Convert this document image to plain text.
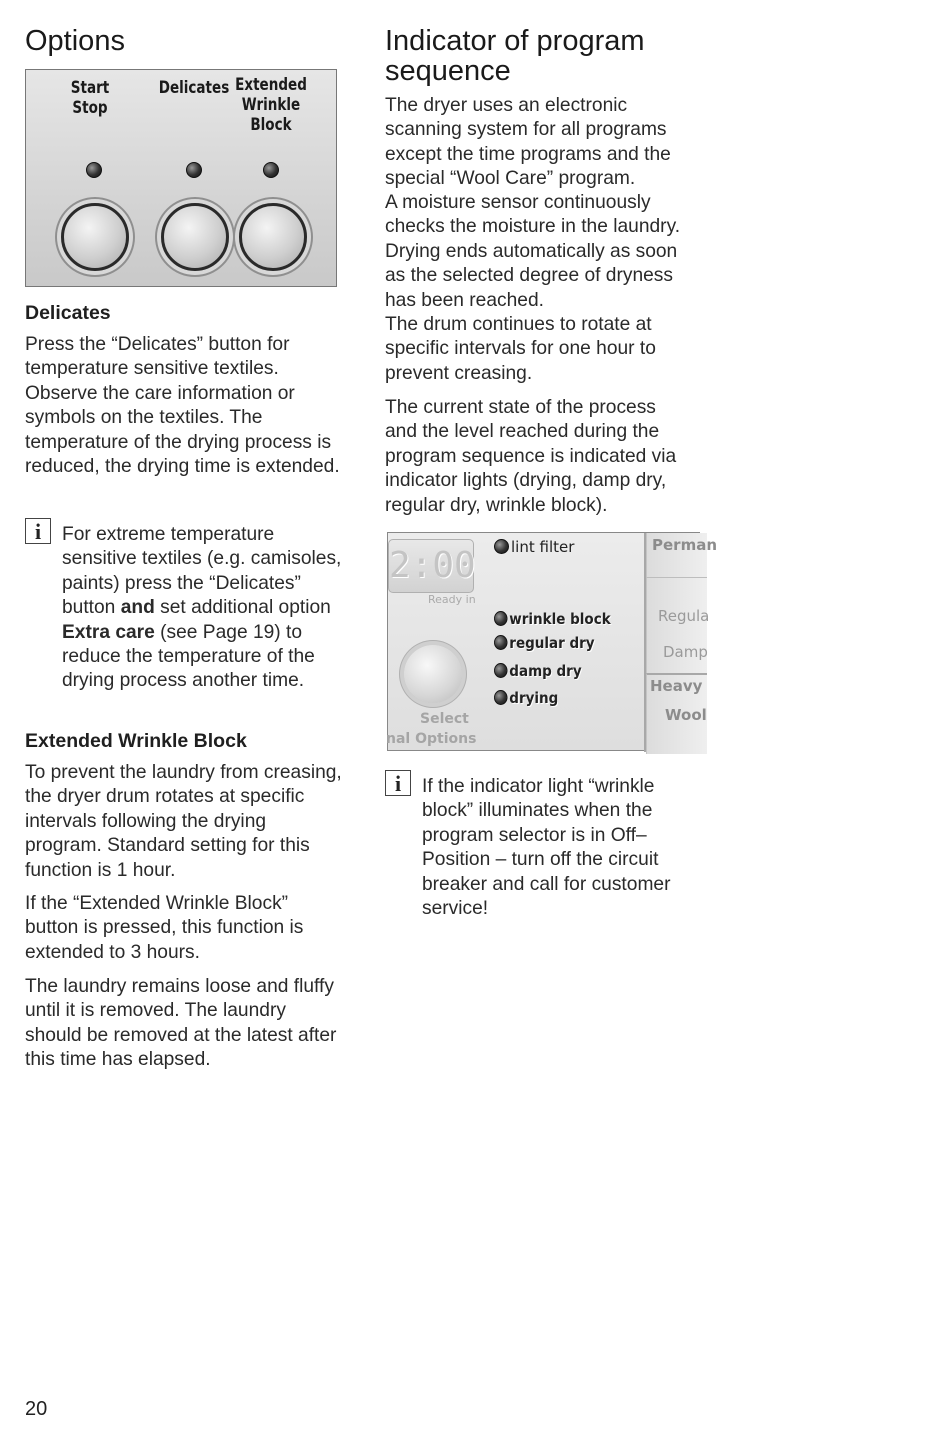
Options
Start
Stop
Delicates Extended
Wrinkle
Block
Delicates

Press the “Delicates” button for temperature sensitive textiles. Observe the care information or symbols on the textiles. The temperature of the drying process is reduced, the drying time is extended.

i	For extreme temperature sensitive textiles (e.g. camisoles, paints) press the “Delicates” button and set additional option Extra care (see Page 19) to reduce the temperature of the drying process another time.

Extended Wrinkle Block

To prevent the laundry from creasing, the dryer drum rotates at specific intervals following the drying program. Standard setting for this function is 1 hour.

If the “Extended Wrinkle Block” button is pressed, this function is extended to 3 hours.

The laundry remains loose and fluffy until it is removed. The laundry should be removed at the latest after this time has elapsed.

Indicator of program sequence

The dryer uses an electronic scanning system for all programs except the time programs and the special “Wool Care” program.

A moisture sensor continuously checks the moisture in the laundry. Drying ends automatically as soon as the selected degree of dryness has been reached.

The drum continues to rotate at specific intervals for one hour to prevent creasing.

The current state of the process and the level reached during the program sequence is indicated via indicator lights (drying, damp dry, regular dry, wrinkle block).

2:00
Ready in
lint filter
wrinkle block
regular dry
damp dry
drying
Select
nal Options
Perman
Regula
Damp
Heavy
Wool
i	If the indicator light “wrinkle block” illuminates when the program selector is in Off–Position – turn off the circuit breaker and call for customer service!

20
